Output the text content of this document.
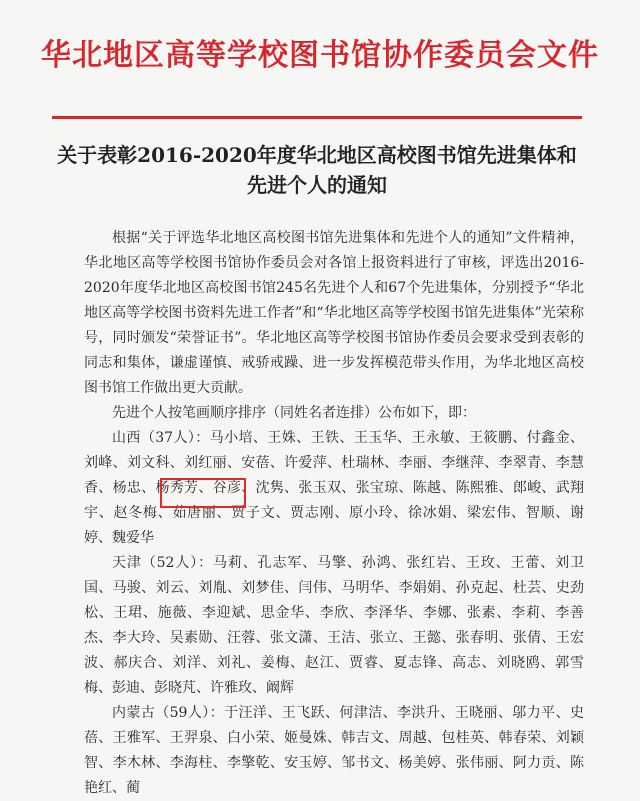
华北地区高等学校图书馆协作委员会文件
关于表彰2016-2020年度华北地区高校图书馆先进集体和先进个人的通知

根据“关于评选华北地区高校图书馆先进集体和先进个人的通知”文件精神，华北地区高等学校图书馆协作委员会对各馆上报资料进行了审核，评选出2016-2020年度华北地区高校图书馆245名先进个人和67个先进集体，分别授予“华北地区高等学校图书资料先进工作者”和“华北地区高等学校图书馆先进集体”光荣称号，同时颁发“荣誉证书”。华北地区高等学校图书馆协作委员会要求受到表彰的同志和集体，谦虚谨慎、戒骄戒躁、进一步发挥模范带头作用，为华北地区高校图书馆工作做出更大贡献。

先进个人按笔画顺序排序（同姓名者连排）公布如下，即：

山西（37人）：马小培、王姝、王铁、王玉华、王永敏、王筱鹏、付鑫金、刘峰、刘文科、刘红丽、安蓓、许爱萍、杜瑞林、李丽、李继萍、李翠青、李慧香、杨忠、杨秀芳、谷彦、沈隽、张玉双、张宝琼、陈越、陈熙雅、郎峻、武翔宇、赵冬梅、茹唐丽、贾子文、贾志刚、原小玲、徐冰娟、梁宏伟、智顺、谢婷、魏爱华

天津（52人）：马莉、孔志军、马擎、孙鸿、张红岩、王玫、王蕾、刘卫国、马骏、刘云、刘胤、刘梦佳、闫伟、马明华、李娟娟、孙克起、杜芸、史劲松、王珺、施薇、李迎斌、思金华、李欣、李泽华、李娜、张素、李莉、李善杰、李大玲、吴素勋、汪蓉、张文潇、王洁、张立、王懿、张春明、张倩、王宏波、郝庆合、刘洋、刘礼、姜梅、赵江、贾睿、夏志锋、高志、刘晓鸥、郭雪梅、彭迪、彭晓芃、许雅玫、阚辉

内蒙古（59人）：于汪洋、王飞跃、何津洁、李洪升、王晓丽、邬力平、史蓓、王雅军、王羿泉、白小荣、姬曼姝、韩吉文、周越、包桂英、韩春荣、刘颖智、李木林、李海柱、李擎乾、安玉婷、邹书文、杨美婷、张伟丽、阿力贡、陈艳红、蔺
